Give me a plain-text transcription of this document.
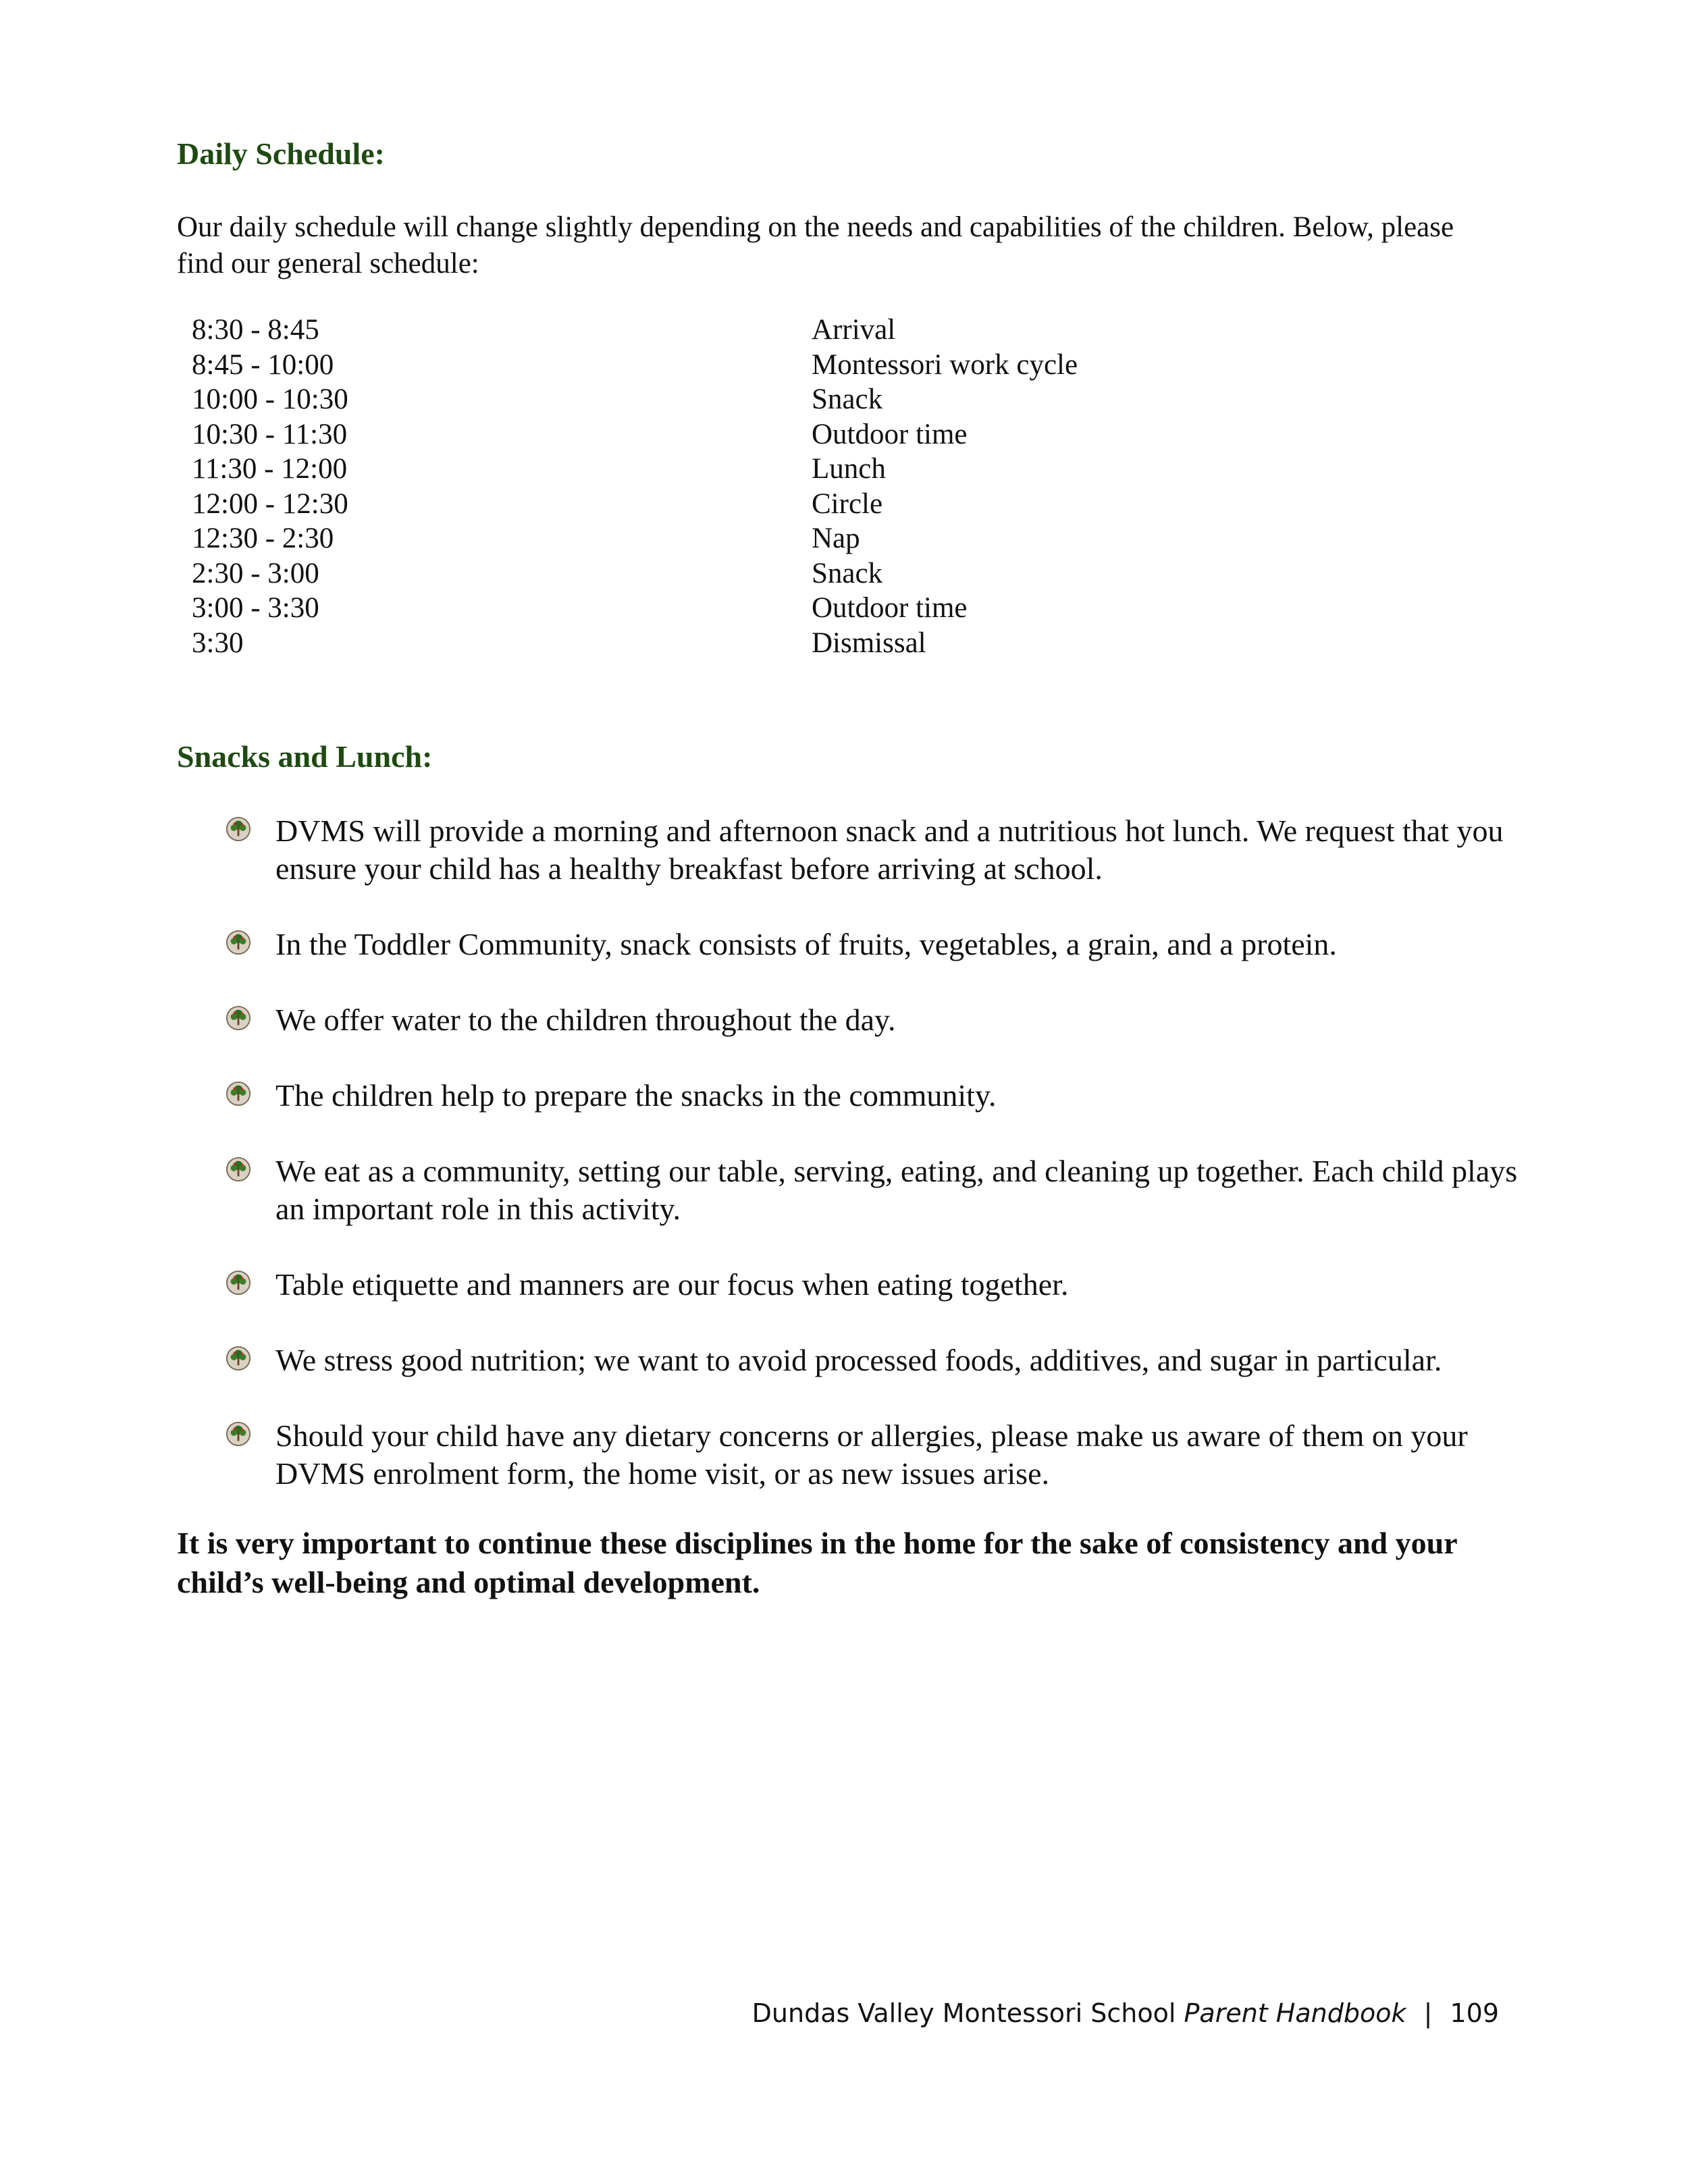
Daily Schedule:

Our daily schedule will change slightly depending on the needs and capabilities of the children. Below, please find our general schedule:

8:30 - 8:45	Arrival
8:45 - 10:00	Montessori work cycle
10:00 - 10:30	Snack
10:30 - 11:30	Outdoor time
11:30 - 12:00	Lunch
12:00 - 12:30	Circle
12:30 - 2:30	Nap
2:30 - 3:00	Snack
3:00 - 3:30	Outdoor time
3:30	Dismissal
Snacks and Lunch:
DVMS will provide a morning and afternoon snack and a nutritious hot lunch. We request that you ensure your child has a healthy breakfast before arriving at school.
In the Toddler Community, snack consists of fruits, vegetables, a grain, and a protein.
We offer water to the children throughout the day.
The children help to prepare the snacks in the community.
We eat as a community, setting our table, serving, eating, and cleaning up together. Each child plays an important role in this activity.
Table etiquette and manners are our focus when eating together.
We stress good nutrition; we want to avoid processed foods, additives, and sugar in particular.
Should your child have any dietary concerns or allergies, please make us aware of them on your DVMS enrolment form, the home visit, or as new issues arise.

It is very important to continue these disciplines in the home for the sake of consistency and your child’s well-being and optimal development.

Dundas Valley Montessori School Parent Handbook | 109
